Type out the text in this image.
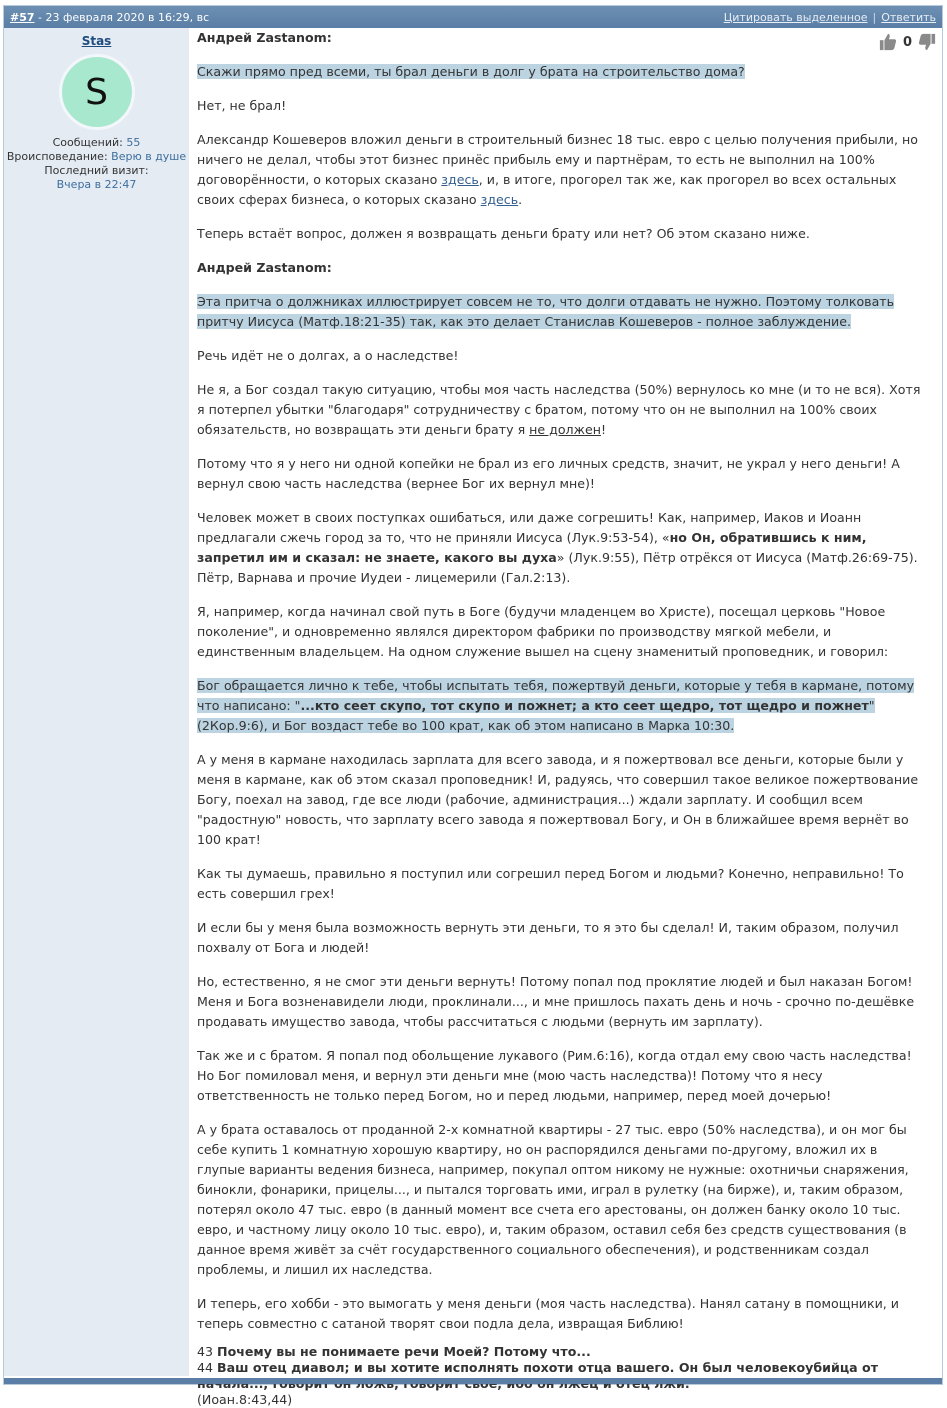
#57 - 23 февраля 2020 в 16:29, вс	Цитировать выделенное | Ответить
Stas
S
Сообщений: 55
Вроисповедание: Верю в душе
Последний визит:
Вчера в 22:47
0

Андрей Zastanom:

Скажи прямо пред всеми, ты брал деньги в долг у брата на строительство дома?

Нет, не брал!

Александр Кошеверов вложил деньги в строительный бизнес 18 тыс. евро с целью получения прибыли, но ничего не делал, чтобы этот бизнес принёс прибыль ему и партнёрам, то есть не выполнил на 100% договорённости, о которых сказано здесь, и, в итоге, прогорел так же, как прогорел во всех остальных своих сферах бизнеса, о которых сказано здесь.

Теперь встаёт вопрос, должен я возвращать деньги брату или нет? Об этом сказано ниже.

Андрей Zastanom:

Эта притча о должниках иллюстрирует совсем не то, что долги отдавать не нужно. Поэтому толковать притчу Иисуса (Матф.18:21-35) так, как это делает Станислав Кошеверов - полное заблуждение.

Речь идёт не о долгах, а о наследстве!

Не я, а Бог создал такую ситуацию, чтобы моя часть наследства (50%) вернулось ко мне (и то не вся). Хотя я потерпел убытки "благодаря" сотрудничеству с братом, потому что он не выполнил на 100% своих обязательств, но возвращать эти деньги брату я не должен!

Потому что я у него ни одной копейки не брал из его личных средств, значит, не украл у него деньги! А вернул свою часть наследства (вернее Бог их вернул мне)!

Человек может в своих поступках ошибаться, или даже согрешить! Как, например, Иаков и Иоанн предлагали сжечь город за то, что не приняли Иисуса (Лук.9:53-54), «но Он, обратившись к ним, запретил им и сказал: не знаете, какого вы духа» (Лук.9:55), Пётр отрёкся от Иисуса (Матф.26:69-75). Пётр, Варнава и прочие Иудеи - лицемерили (Гал.2:13).

Я, например, когда начинал свой путь в Боге (будучи младенцем во Христе), посещал церковь "Новое поколение", и одновременно являлся директором фабрики по производству мягкой мебели, и единственным владельцем. На одном служение вышел на сцену знаменитый проповедник, и говорил:

Бог обращается лично к тебе, чтобы испытать тебя, пожертвуй деньги, которые у тебя в кармане, потому что написано: "...кто сеет скупо, тот скупо и пожнет; а кто сеет щедро, тот щедро и пожнет" (2Кор.9:6), и Бог воздаст тебе во 100 крат, как об этом написано в Марка 10:30.

А у меня в кармане находилась зарплата для всего завода, и я пожертвовал все деньги, которые были у меня в кармане, как об этом сказал проповедник! И, радуясь, что совершил такое великое пожертвование Богу, поехал на завод, где все люди (рабочие, администрация...) ждали зарплату. И сообщил всем "радостную" новость, что зарплату всего завода я пожертвовал Богу, и Он в ближайшее время вернёт во 100 крат!

Как ты думаешь, правильно я поступил или согрешил перед Богом и людьми? Конечно, неправильно! То есть совершил грех!

И если бы у меня была возможность вернуть эти деньги, то я это бы сделал! И, таким образом, получил похвалу от Бога и людей!

Но, естественно, я не смог эти деньги вернуть! Потому попал под проклятие людей и был наказан Богом! Меня и Бога возненавидели люди, проклинали..., и мне пришлось пахать день и ночь - срочно по-дешёвке продавать имущество завода, чтобы рассчитаться с людьми (вернуть им зарплату).

Так же и с братом. Я попал под обольщение лукавого (Рим.6:16), когда отдал ему свою часть наследства! Но Бог помиловал меня, и вернул эти деньги мне (мою часть наследства)! Потому что я несу ответственность не только перед Богом, но и перед людьми, например, перед моей дочерью!

А у брата оставалось от проданной 2-х комнатной квартиры - 27 тыс. евро (50% наследства), и он мог бы себе купить 1 комнатную хорошую квартиру, но он распорядился деньгами по-другому, вложил их в глупые варианты ведения бизнеса, например, покупал оптом никому не нужные: охотничьи снаряжения, бинокли, фонарики, прицелы..., и пытался торговать ими, играл в рулетку (на бирже), и, таким образом, потерял около 47 тыс. евро (в данный момент все счета его арестованы, он должен банку около 10 тыс. евро, и частному лицу около 10 тыс. евро), и, таким образом, оставил себя без средств существования (в данное время живёт за счёт государственного социального обеспечения), и родственникам создал проблемы, и лишил их наследства.

И теперь, его хобби - это вымогать у меня деньги (моя часть наследства). Нанял сатану в помощники, и теперь совместно с сатаной творят свои подла дела, извращая Библию!

43 Почему вы не понимаете речи Моей? Потому что...
44 Ваш отец диавол; и вы хотите исполнять похоти отца вашего. Он был человекоубийца от
(Иоан.8:43,44)
